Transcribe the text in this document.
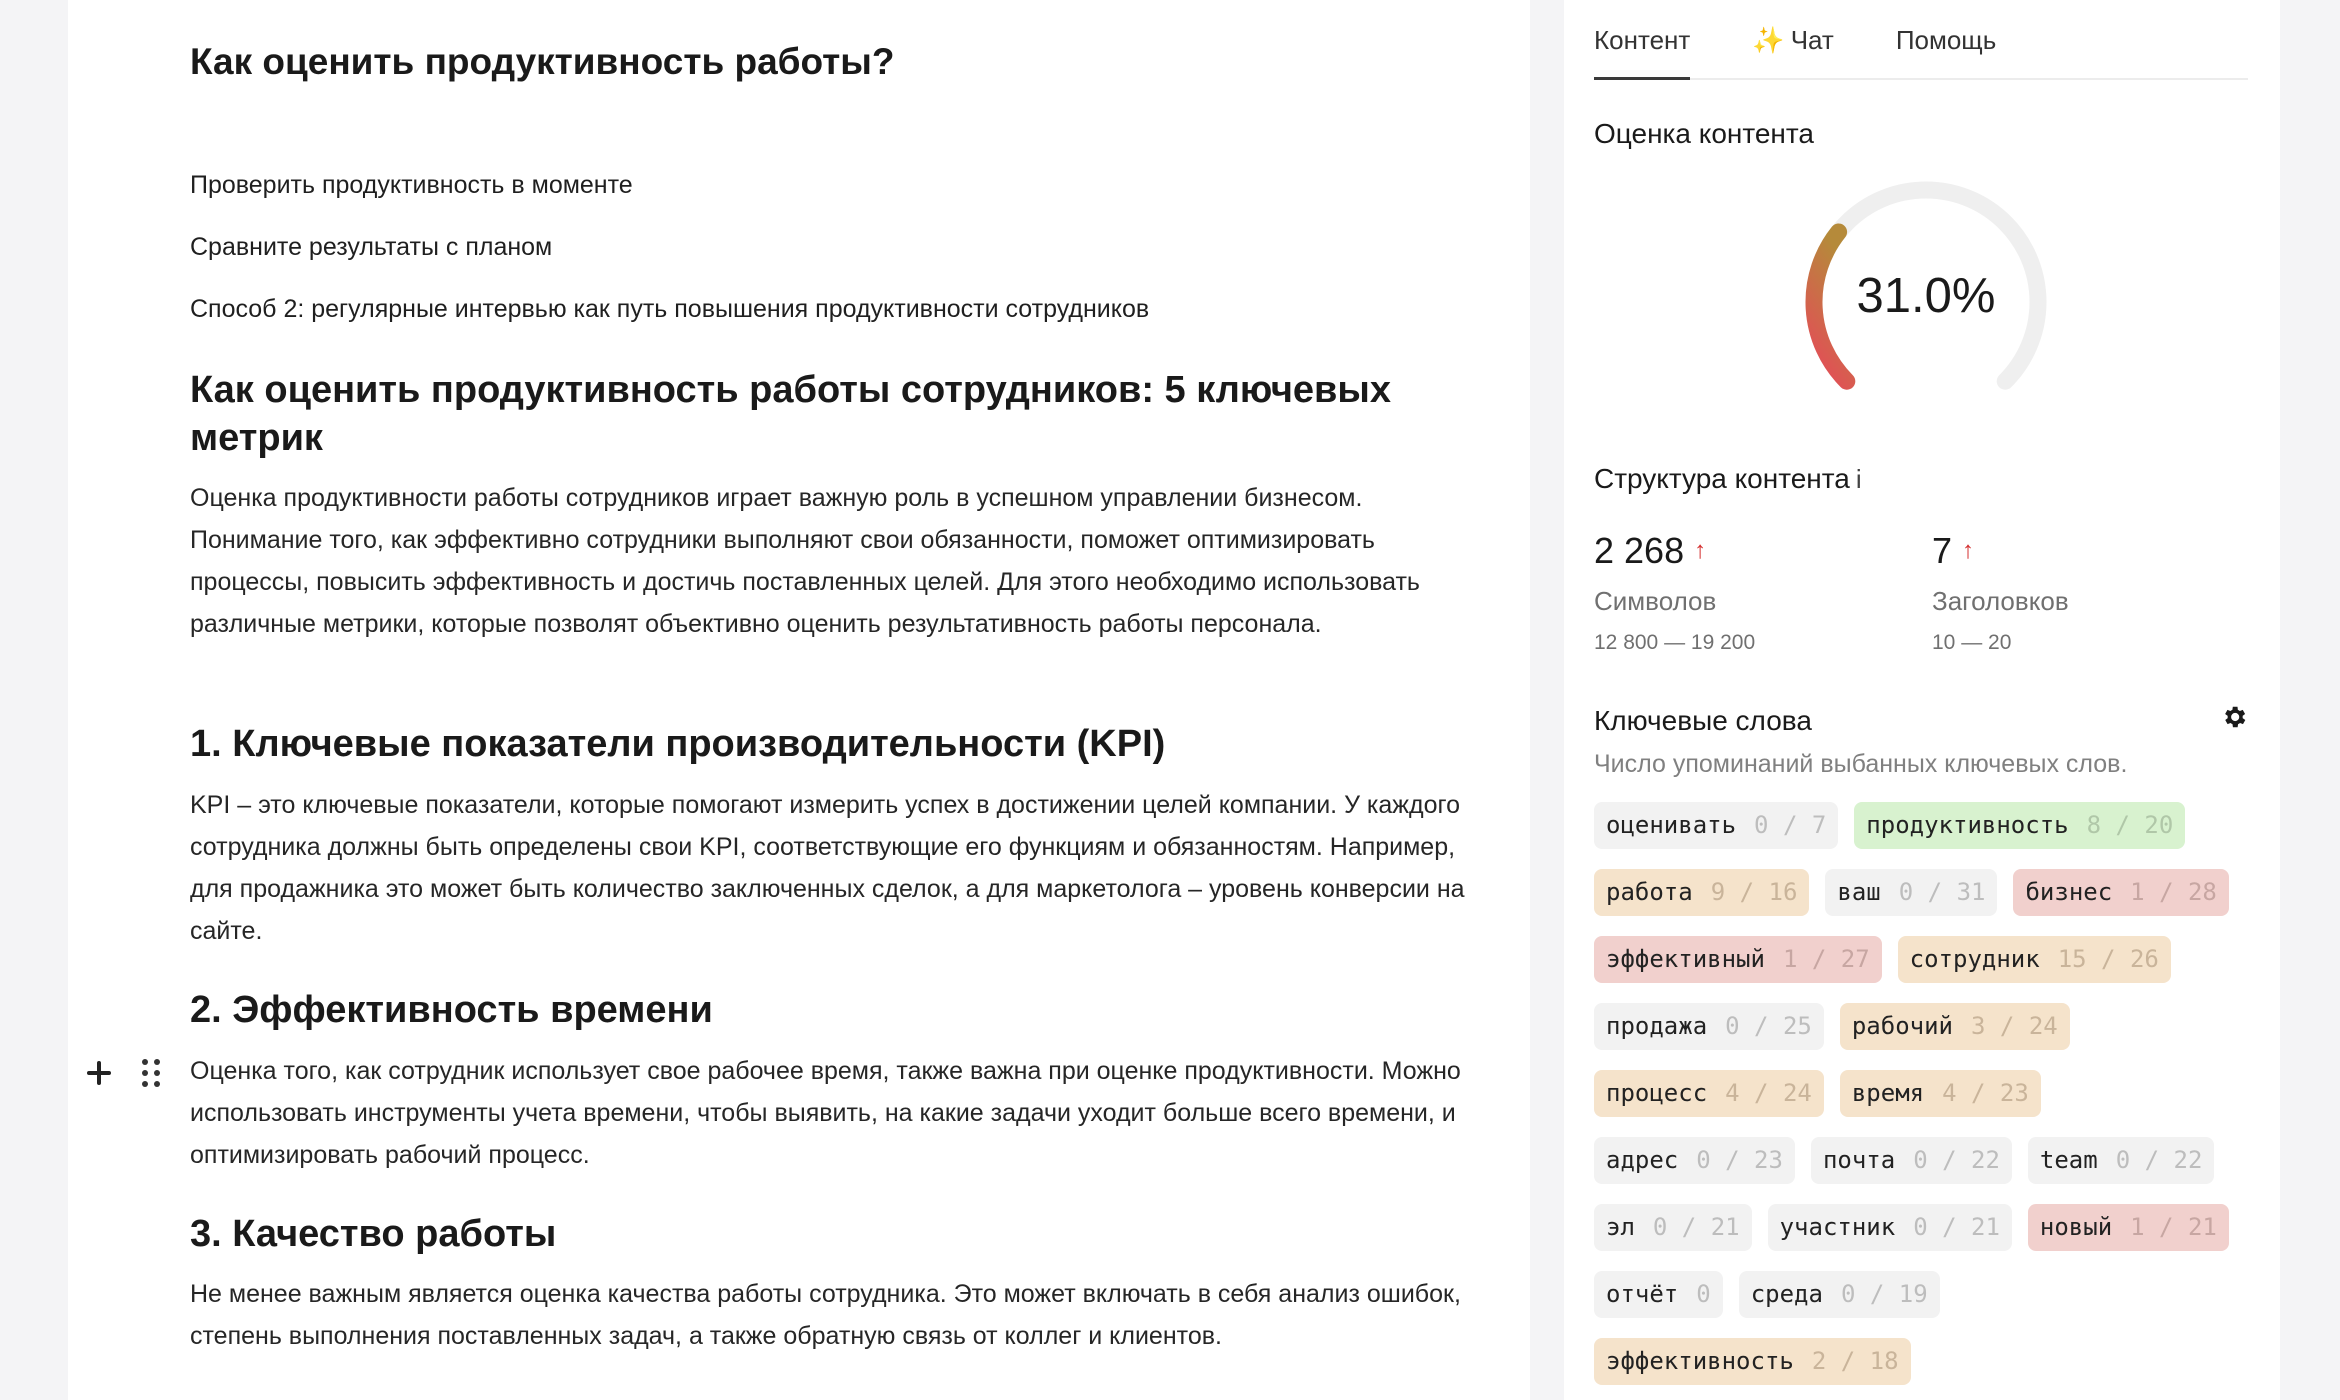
Как оценить продуктивность работы?
Проверить продуктивность в моменте
Сравните результаты с планом
Способ 2: регулярные интервью как путь повышения продуктивности сотрудников
Как оценить продуктивность работы сотрудников: 5 ключевых метрик
Оценка продуктивности работы сотрудников играет важную роль в успешном управлении бизнесом. Понимание того, как эффективно сотрудники выполняют свои обязанности, поможет оптимизировать процессы, повысить эффективность и достичь поставленных целей. Для этого необходимо использовать различные метрики, которые позволят объективно оценить результативность работы персонала.
1. Ключевые показатели производительности (KPI)
KPI – это ключевые показатели, которые помогают измерить успех в достижении целей компании. У каждого сотрудника должны быть определены свои KPI, соответствующие его функциям и обязанностям. Например, для продажника это может быть количество заключенных сделок, а для маркетолога – уровень конверсии на сайте.
2. Эффективность времени
Оценка того, как сотрудник использует свое рабочее время, также важна при оценке продуктивности. Можно использовать инструменты учета времени, чтобы выявить, на какие задачи уходит больше всего времени, и оптимизировать рабочий процесс.
3. Качество работы
Не менее важным является оценка качества работы сотрудника. Это может включать в себя анализ ошибок, степень выполнения поставленных задач, а также обратную связь от коллег и клиентов.
Контент ✨ Чат Помощь
Оценка контента
31.0%
Структура контента i
2 268 ↑
Символов
12 800 — 19 200
7 ↑
Заголовков
10 — 20
Ключевые слова
Число упоминаний выбанных ключевых слов.
оценивать 0 / 7	продуктивность 8 / 20
работа 9 / 16	ваш 0 / 31	бизнес 1 / 28
эффективный 1 / 27	сотрудник 15 / 26
продажа 0 / 25	рабочий 3 / 24
процесс 4 / 24	время 4 / 23
адрес 0 / 23	почта 0 / 22	team 0 / 22
эл 0 / 21	участник 0 / 21	новый 1 / 21
отчёт 0	среда 0 / 19
эффективность 2 / 18
